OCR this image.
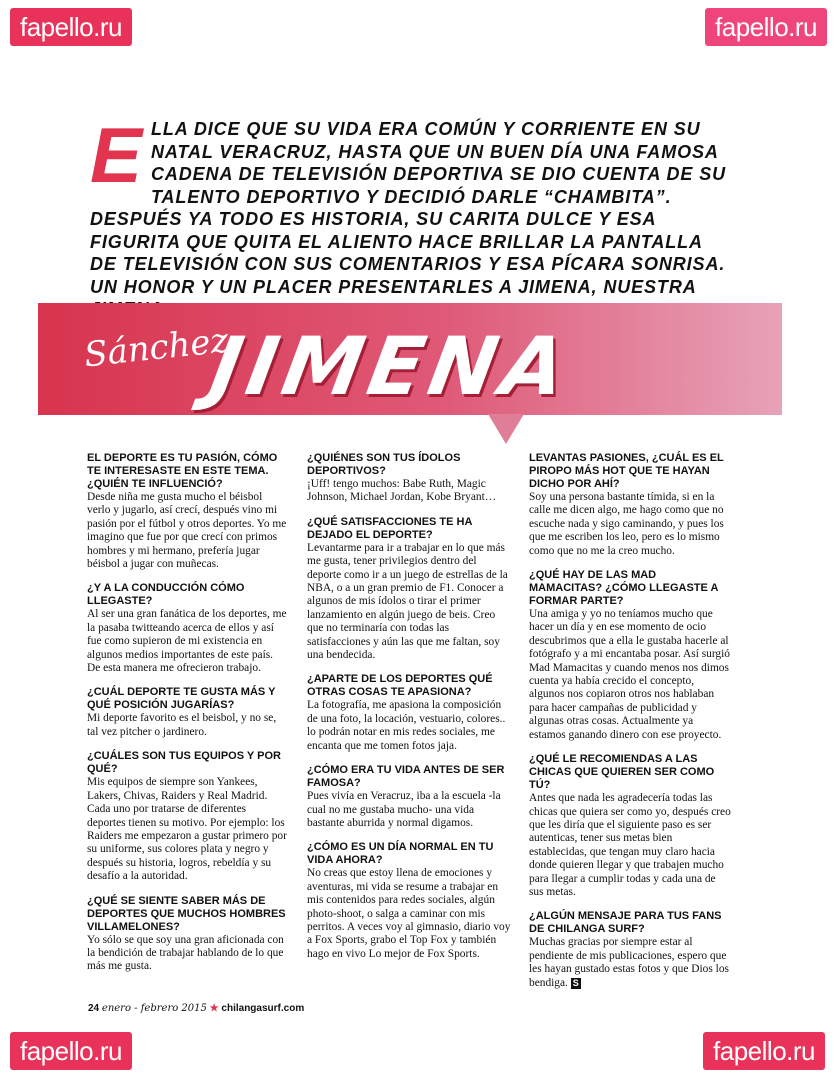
fapello.ru	fapello.ru
fapello.ru	fapello.ru
E LLA DICE QUE SU VIDA ERA COMÚN Y CORRIENTE EN SU NATAL VERACRUZ, HASTA QUE UN BUEN DÍA UNA FAMOSA CADENA DE TELEVISIÓN DEPORTIVA SE DIO CUENTA DE SU TALENTO DEPORTIVO Y DECIDIÓ DARLE “CHAMBITA”. DESPUÉS YA TODO ES HISTORIA, SU CARITA DULCE Y ESA FIGURITA QUE QUITA EL ALIENTO HACE BRILLAR LA PANTALLA DE TELEVISIÓN CON SUS COMENTARIOS Y ESA PÍCARA SONRISA. UN HONOR Y UN PLACER PRESENTARLES A JIMENA, NUESTRA
Sánchez
JIMENA

EL DEPORTE ES TU PASIÓN, CÓMO TE INTERESASTE EN ESTE TEMA. ¿QUIÉN TE INFLUENCIÓ?

Desde niña me gusta mucho el béisbol verlo y jugarlo, así crecí, después vino mi pasión por el fútbol y otros deportes. Yo me imagino que fue por que crecí con primos hombres y mi hermano, prefería jugar béisbol a jugar con muñecas.

¿Y A LA CONDUCCIÓN CÓMO LLEGASTE?

Al ser una gran fanática de los deportes, me la pasaba twitteando acerca de ellos y así fue como supieron de mi existencia en algunos medios importantes de este país. De esta manera me ofrecieron trabajo.

¿CUÁL DEPORTE TE GUSTA MÁS Y QUÉ POSICIÓN JUGARÍAS?

Mi deporte favorito es el beisbol, y no se, tal vez pitcher o jardinero.

¿CUÁLES SON TUS EQUIPOS Y POR QUÉ?

Mis equipos de siempre son Yankees, Lakers, Chivas, Raiders y Real Madrid. Cada uno por tratarse de diferentes deportes tienen su motivo. Por ejemplo: los Raiders me empezaron a gustar primero por su uniforme, sus colores plata y negro y después su historia, logros, rebeldía y su desafío a la autoridad.

¿QUÉ SE SIENTE SABER MÁS DE DEPORTES QUE MUCHOS HOMBRES VILLAMELONES?

Yo sólo se que soy una gran aficionada con la bendición de trabajar hablando de lo que más me gusta.

¿QUIÉNES SON TUS ÍDOLOS DEPORTIVOS?

¡Uff! tengo muchos: Babe Ruth, Magic Johnson, Michael Jordan, Kobe Bryant…

¿QUÉ SATISFACCIONES TE HA DEJADO EL DEPORTE?

Levantarme para ir a trabajar en lo que más me gusta, tener privilegios dentro del deporte como ir a un juego de estrellas de la NBA, o a un gran premio de F1. Conocer a algunos de mis ídolos o tirar el primer lanzamiento en algún juego de beis. Creo que no terminaría con todas las satisfacciones y aún las que me faltan, soy una bendecida.

¿APARTE DE LOS DEPORTES QUÉ OTRAS COSAS TE APASIONA?

La fotografía, me apasiona la composición de una foto, la locación, vestuario, colores.. lo podrán notar en mis redes sociales, me encanta que me tomen fotos jaja.

¿CÓMO ERA TU VIDA ANTES DE SER FAMOSA?

Pues vivía en Veracruz, iba a la escuela -la cual no me gustaba mucho- una vida bastante aburrida y normal digamos.

¿CÓMO ES UN DÍA NORMAL EN TU VIDA AHORA?

No creas que estoy llena de emociones y aventuras, mi vida se resume a trabajar en mis contenidos para redes sociales, algún photo-shoot, o salga a caminar con mis perritos. A veces voy al gimnasio, diario voy a Fox Sports, grabo el Top Fox y también hago en vivo Lo mejor de Fox Sports.

LEVANTAS PASIONES, ¿CUÁL ES EL PIROPO MÁS HOT QUE TE HAYAN DICHO POR AHÍ?

Soy una persona bastante tímida, si en la calle me dicen algo, me hago como que no escuche nada y sigo caminando, y pues los que me escriben los leo, pero es lo mismo como que no me la creo mucho.

¿QUÉ HAY DE LAS MAD MAMACITAS? ¿CÓMO LLEGASTE A FORMAR PARTE?

Una amiga y yo no teníamos mucho que hacer un día y en ese momento de ocio descubrimos que a ella le gustaba hacerle al fotógrafo y a mi encantaba posar. Así surgió Mad Mamacitas y cuando menos nos dimos cuenta ya había crecido el concepto, algunos nos copiaron otros nos hablaban para hacer campañas de publicidad y algunas otras cosas. Actualmente ya estamos ganando dinero con ese proyecto.

¿QUÉ LE RECOMIENDAS A LAS CHICAS QUE QUIEREN SER COMO TÚ?

Antes que nada les agradecería todas las chicas que quiera ser como yo, después creo que les diría que el siguiente paso es ser autenticas, tener sus metas bien establecidas, que tengan muy claro hacia donde quieren llegar y que trabajen mucho para llegar a cumplir todas y cada una de sus metas.

¿ALGÚN MENSAJE PARA TUS FANS DE CHILANGA SURF?

Muchas gracias por siempre estar al pendiente de mis publicaciones, espero que les hayan gustado estas fotos y que Dios los bendiga. S

24 enero - febrero 2015 ★ chilangasurf.com
